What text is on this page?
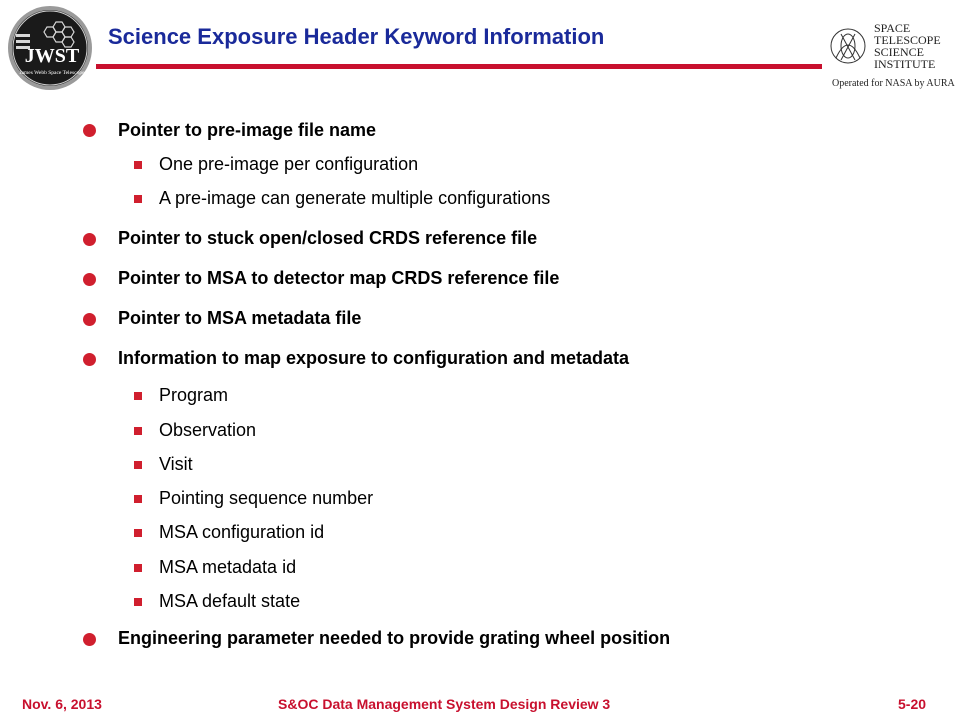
JWST
James Webb Space Telescope
Science Exposure Header Keyword Information	SPACE
TELESCOPE
SCIENCE
INSTITUTE
Operated for NASA by AURA
Pointer to pre-image file name
One pre-image per configuration
A pre-image can generate multiple configurations
Pointer to stuck open/closed CRDS reference file
Pointer to MSA to detector map CRDS reference file
Pointer to MSA metadata file
Information to map exposure to configuration and metadata
Program
Observation
Visit
Pointing sequence number
MSA configuration id
MSA metadata id
MSA default state
Engineering parameter needed to provide grating wheel position
Nov. 6, 2013	S&OC Data Management System Design Review 3	5-20
